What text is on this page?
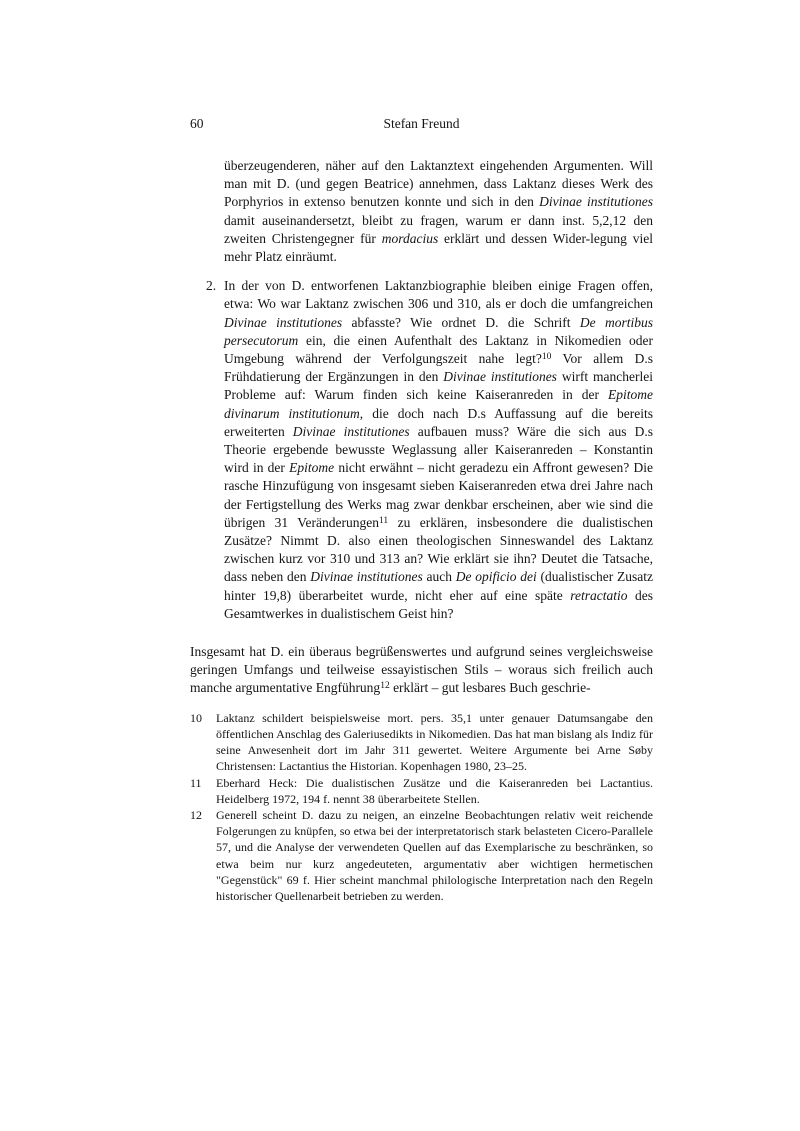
60	Stefan Freund

überzeugenderen, näher auf den Laktanztext eingehenden Argumenten. Will man mit D. (und gegen Beatrice) annehmen, dass Laktanz dieses Werk des Porphyrios in extenso benutzen konnte und sich in den Divinae institutiones damit auseinandersetzt, bleibt zu fragen, warum er dann inst. 5,2,12 den zweiten Christengegner für mordacius erklärt und dessen Wider-legung viel mehr Platz einräumt.

2. In der von D. entworfenen Laktanzbiographie bleiben einige Fragen offen, etwa: Wo war Laktanz zwischen 306 und 310, als er doch die umfangreichen Divinae institutiones abfasste? Wie ordnet D. die Schrift De mortibus persecutorum ein, die einen Aufenthalt des Laktanz in Nikomedien oder Umgebung während der Verfolgungszeit nahe legt?$^{10}$ Vor allem D.s Frühdatierung der Ergänzungen in den Divinae institutiones wirft mancherlei Probleme auf: Warum finden sich keine Kaiseranreden in der Epitome divinarum institutionum, die doch nach D.s Auffassung auf die bereits erweiterten Divinae institutiones aufbauen muss? Wäre die sich aus D.s Theorie ergebende bewusste Weglassung aller Kaiseranreden – Konstantin wird in der Epitome nicht erwähnt – nicht geradezu ein Affront gewesen? Die rasche Hinzufügung von insgesamt sieben Kaiseranreden etwa drei Jahre nach der Fertigstellung des Werks mag zwar denkbar erscheinen, aber wie sind die übrigen 31 Veränderungen$^{11}$ zu erklären, insbesondere die dualistischen Zusätze? Nimmt D. also einen theologischen Sinneswandel des Laktanz zwischen kurz vor 310 und 313 an? Wie erklärt sie ihn? Deutet die Tatsache, dass neben den Divinae institutiones auch De opificio dei (dualistischer Zusatz hinter 19,8) überarbeitet wurde, nicht eher auf eine späte retractatio des Gesamtwerkes in dualistischem Geist hin?

Insgesamt hat D. ein überaus begrüßenswertes und aufgrund seines vergleichsweise geringen Umfangs und teilweise essayistischen Stils – woraus sich freilich auch manche argumentative Engführung$^{12}$ erklärt – gut lesbares Buch geschrie-

10 Laktanz schildert beispielsweise mort. pers. 35,1 unter genauer Datumsangabe den öffentlichen Anschlag des Galeriusedikts in Nikomedien. Das hat man bislang als Indiz für seine Anwesenheit dort im Jahr 311 gewertet. Weitere Argumente bei Arne Søby Christensen: Lactantius the Historian. Kopenhagen 1980, 23–25.

11 Eberhard Heck: Die dualistischen Zusätze und die Kaiseranreden bei Lactantius. Heidelberg 1972, 194 f. nennt 38 überarbeitete Stellen.

12 Generell scheint D. dazu zu neigen, an einzelne Beobachtungen relativ weit reichende Folgerungen zu knüpfen, so etwa bei der interpretatorisch stark belasteten Cicero-Parallele 57, und die Analyse der verwendeten Quellen auf das Exemplarische zu beschränken, so etwa beim nur kurz angedeuteten, argumentativ aber wichtigen hermetischen "Gegenstück" 69 f. Hier scheint manchmal philologische Interpretation nach den Regeln historischer Quellenarbeit betrieben zu werden.
